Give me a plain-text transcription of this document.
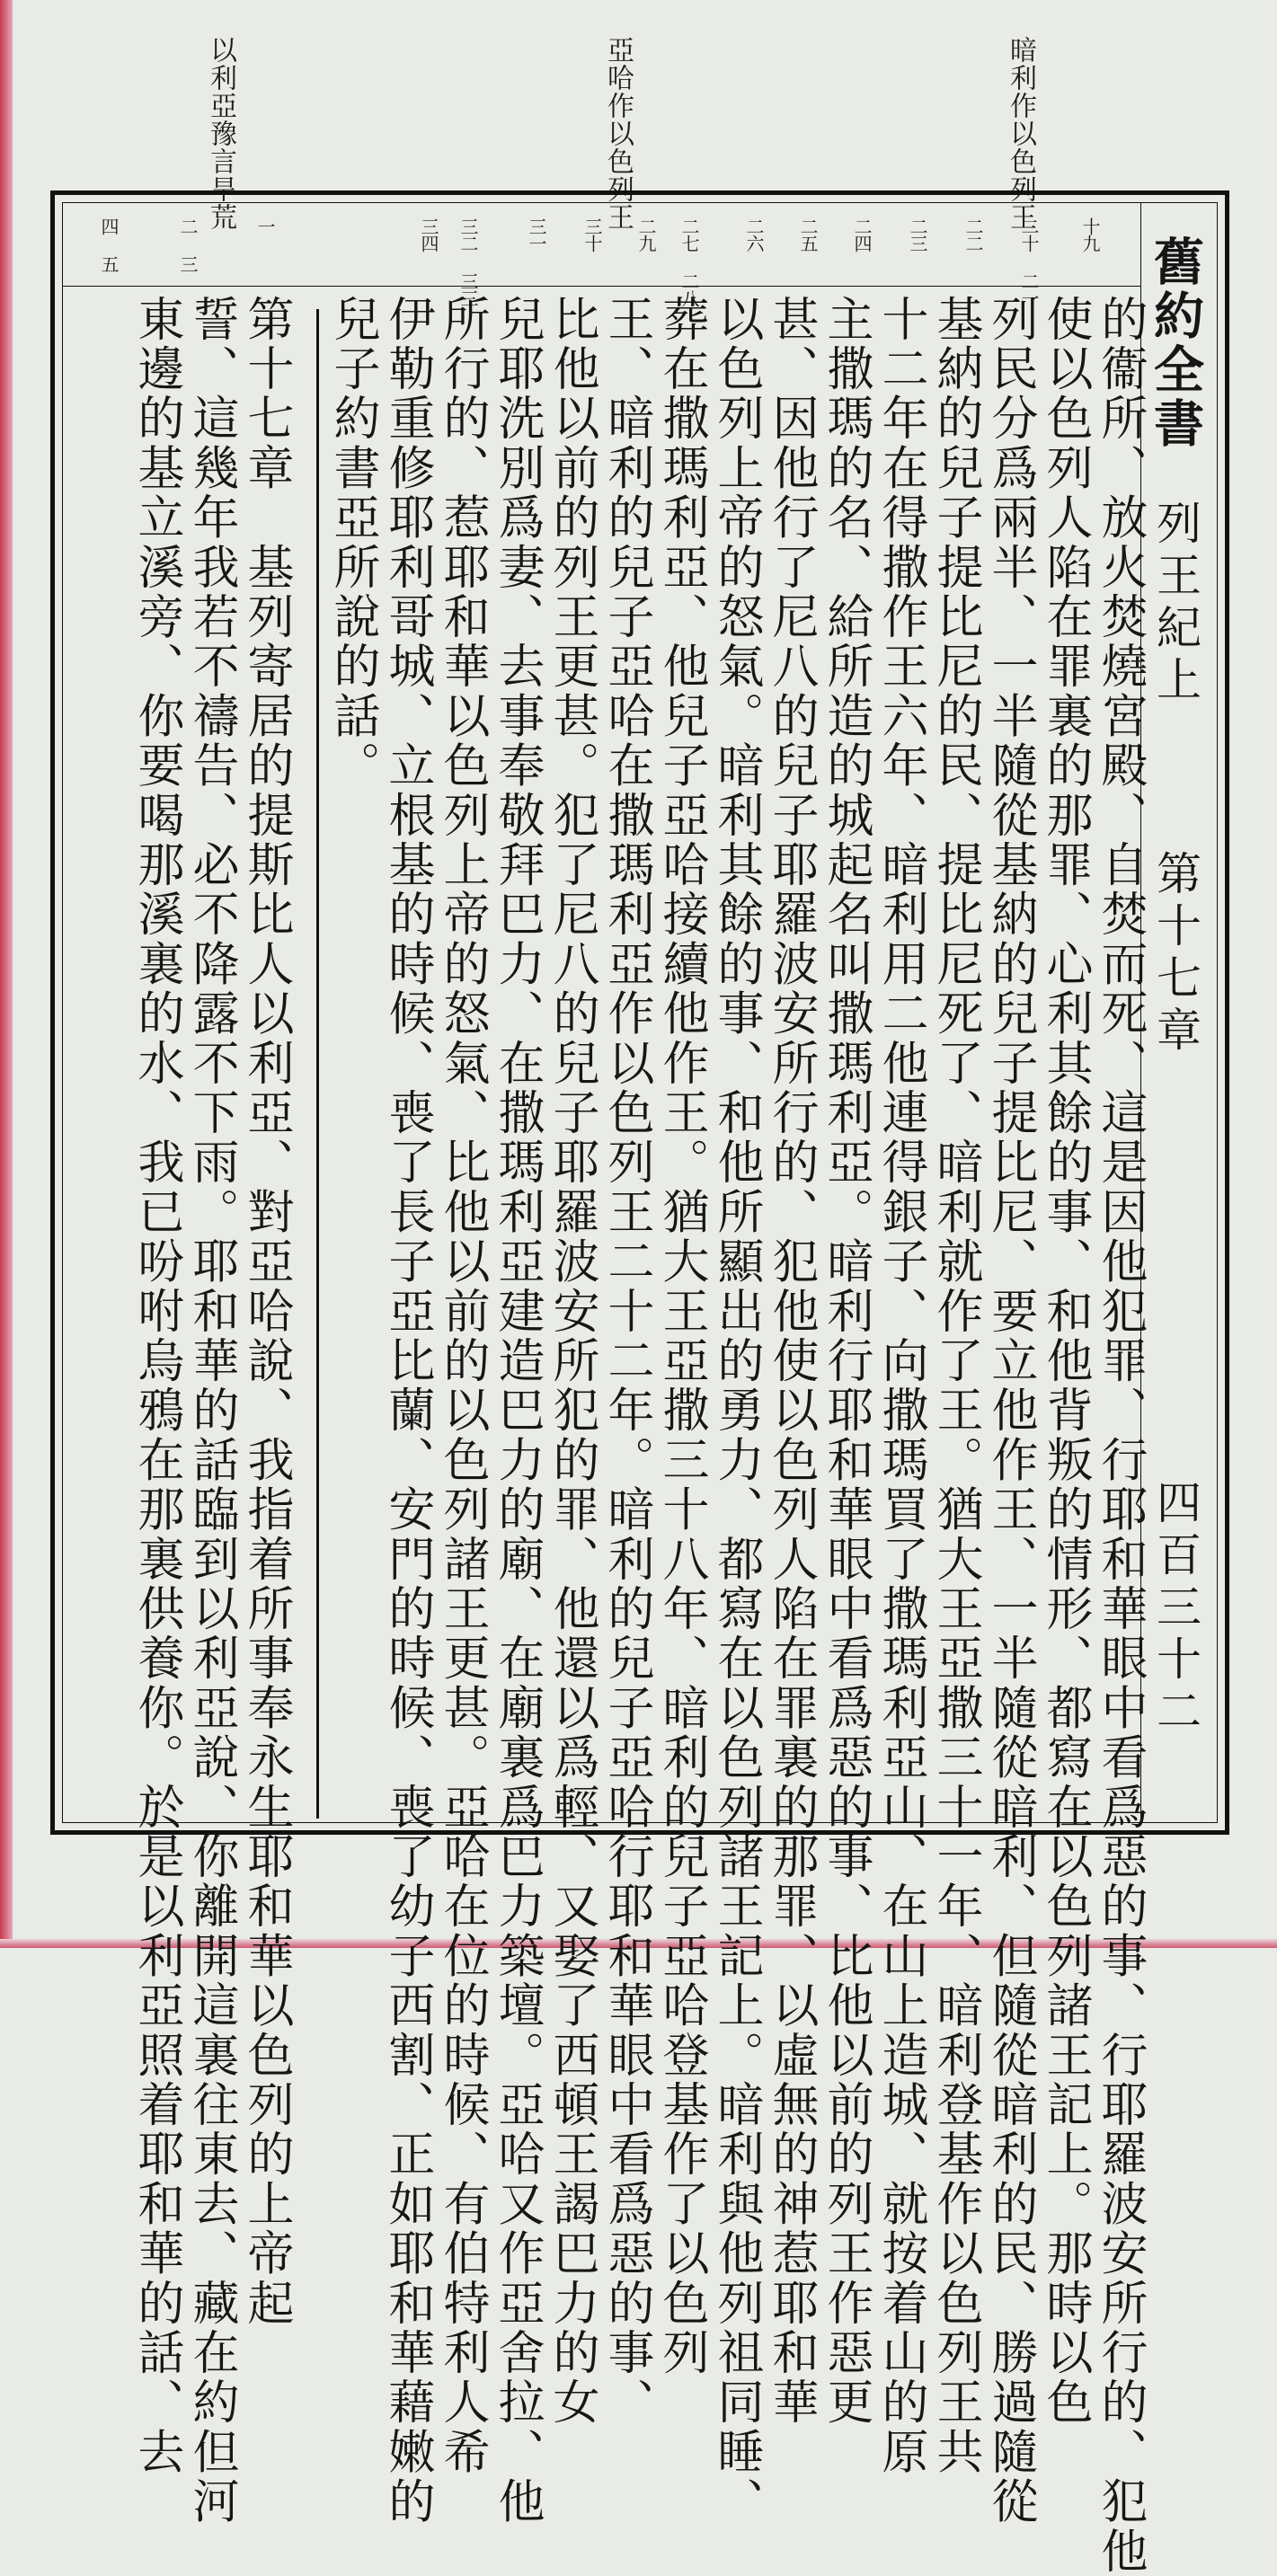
暗利作以色列王
亞哈作以色列王
以利亞豫言旱荒
舊約全書
列王紀上
第十七章
四百三十二
十九
二十 二一
二二
二三
二四
二五
二六
二七 二八
二九
三十
三一
三二 三三
三四
一
二 三
四 五
的衞所、放火焚燒宮殿、自焚而死、這是因他犯罪、行耶和華眼中看爲惡的事、行耶羅波安所行的、犯他
使以色列人陷在罪裏的那罪、心利其餘的事、和他背叛的情形、都寫在以色列諸王記上。那時以色
列民分爲兩半、一半隨從基納的兒子提比尼、要立他作王、一半隨從暗利、但隨從暗利的民、勝過隨從
基納的兒子提比尼的民、提比尼死了、暗利就作了王。猶大王亞撒三十一年、暗利登基作以色列王共
十二年在得撒作王六年、暗利用二他連得銀子、向撒瑪買了撒瑪利亞山、在山上造城、就按着山的原
主撒瑪的名、給所造的城起名叫撒瑪利亞。暗利行耶和華眼中看爲惡的事、比他以前的列王作惡更
甚、因他行了尼八的兒子耶羅波安所行的、犯他使以色列人陷在罪裏的那罪、以虛無的神惹耶和華
以色列上帝的怒氣。暗利其餘的事、和他所顯出的勇力、都寫在以色列諸王記上。暗利與他列祖同睡、
葬在撒瑪利亞、他兒子亞哈接續他作王。猶大王亞撒三十八年、暗利的兒子亞哈登基作了以色列
王、暗利的兒子亞哈在撒瑪利亞作以色列王二十二年。暗利的兒子亞哈行耶和華眼中看爲惡的事、
比他以前的列王更甚。犯了尼八的兒子耶羅波安所犯的罪、他還以爲輕、又娶了西頓王謁巴力的女
兒耶洗別爲妻、去事奉敬拜巴力、在撒瑪利亞建造巴力的廟、在廟裏爲巴力築壇。亞哈又作亞舍拉、他
所行的、惹耶和華以色列上帝的怒氣、比他以前的以色列諸王更甚。亞哈在位的時候、有伯特利人希
伊勒重修耶利哥城、立根基的時候、喪了長子亞比蘭、安門的時候、喪了幼子西割、正如耶和華藉嫩的
兒子約書亞所說的話。
第十七章　基列寄居的提斯比人以利亞、對亞哈說、我指着所事奉永生耶和華以色列的上帝起
誓、這幾年我若不禱告、必不降露不下雨。耶和華的話臨到以利亞說、你離開這裏往東去、藏在約但河
東邊的基立溪旁、你要喝那溪裏的水、我已吩咐烏鴉在那裏供養你。於是以利亞照着耶和華的話、去
